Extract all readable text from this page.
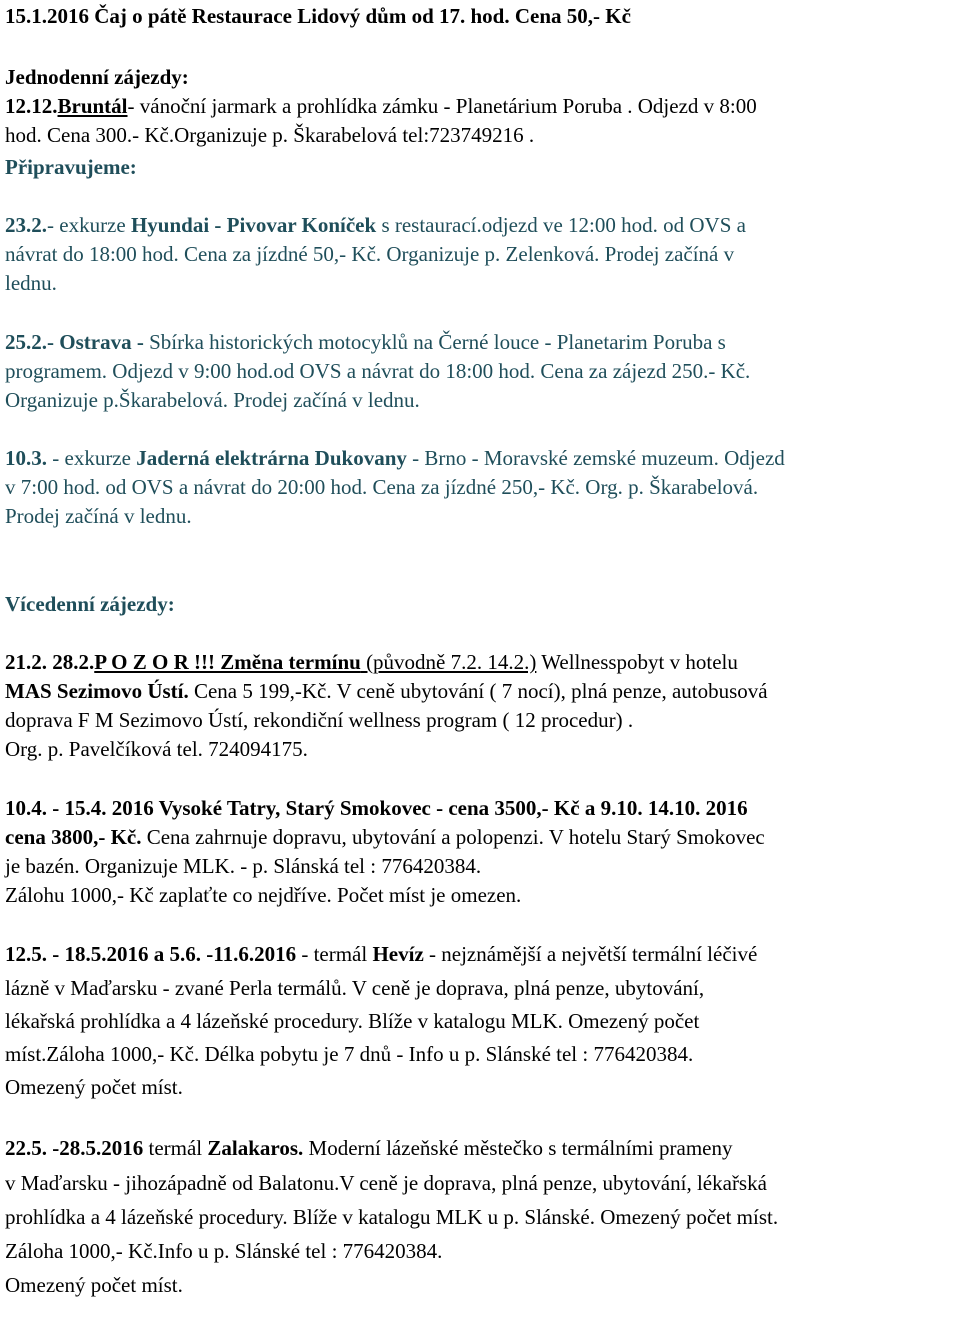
15.1.2016 Čaj o pátě Restaurace Lidový dům od 17. hod. Cena 50,- Kč
Jednodenní zájezdy:
12.12.Bruntál- vánoční jarmark a prohlídka zámku - Planetárium Poruba . Odjezd v 8:00
hod. Cena 300.- Kč.Organizuje p. Škarabelová tel:723749216 .
Připravujeme:
23.2.- exkurze Hyundai - Pivovar Koníček s restaurací.odjezd ve 12:00 hod. od OVS a
návrat do 18:00 hod. Cena za jízdné 50,- Kč. Organizuje p. Zelenková. Prodej začíná v
lednu.
25.2.- Ostrava - Sbírka historických motocyklů na Černé louce - Planetarim Poruba s
programem. Odjezd v 9:00 hod.od OVS a návrat do 18:00 hod. Cena za zájezd 250.- Kč.
Organizuje p.Škarabelová. Prodej začíná v lednu.
10.3. - exkurze Jaderná elektrárna Dukovany - Brno - Moravské zemské muzeum. Odjezd
v 7:00 hod. od OVS a návrat do 20:00 hod. Cena za jízdné 250,- Kč. Org. p. Škarabelová.
Prodej začíná v lednu.
Vícedenní zájezdy:
21.2. 28.2.P O Z O R !!! Změna termínu (původně 7.2. 14.2.) Wellnesspobyt v hotelu
MAS Sezimovo Ústí. Cena 5 199,-Kč. V ceně ubytování ( 7 nocí), plná penze, autobusová
doprava F M Sezimovo Ústí, rekondiční wellness program ( 12 procedur) .
Org. p. Pavelčíková tel. 724094175.
10.4. - 15.4. 2016 Vysoké Tatry, Starý Smokovec - cena 3500,- Kč a 9.10. 14.10. 2016
cena 3800,- Kč. Cena zahrnuje dopravu, ubytování a polopenzi. V hotelu Starý Smokovec
je bazén. Organizuje MLK. - p. Slánská tel : 776420384.
Zálohu 1000,- Kč zaplaťte co nejdříve. Počet míst je omezen.
12.5. - 18.5.2016 a 5.6. -11.6.2016 - termál Hevíz - nejznámější a největší termální léčivé
lázně v Maďarsku - zvané Perla termálů. V ceně je doprava, plná penze, ubytování,
lékařská prohlídka a 4 lázeňské procedury. Blíže v katalogu MLK. Omezený počet
míst.Záloha 1000,- Kč. Délka pobytu je 7 dnů - Info u p. Slánské tel : 776420384.
Omezený počet míst.
22.5. -28.5.2016 termál Zalakaros. Moderní lázeňské městečko s termálními prameny
v Maďarsku - jihozápadně od Balatonu.V ceně je doprava, plná penze, ubytování, lékařská
prohlídka a 4 lázeňské procedury. Blíže v katalogu MLK u p. Slánské. Omezený počet míst.
Záloha 1000,- Kč.Info u p. Slánské tel : 776420384.
Omezený počet míst.
